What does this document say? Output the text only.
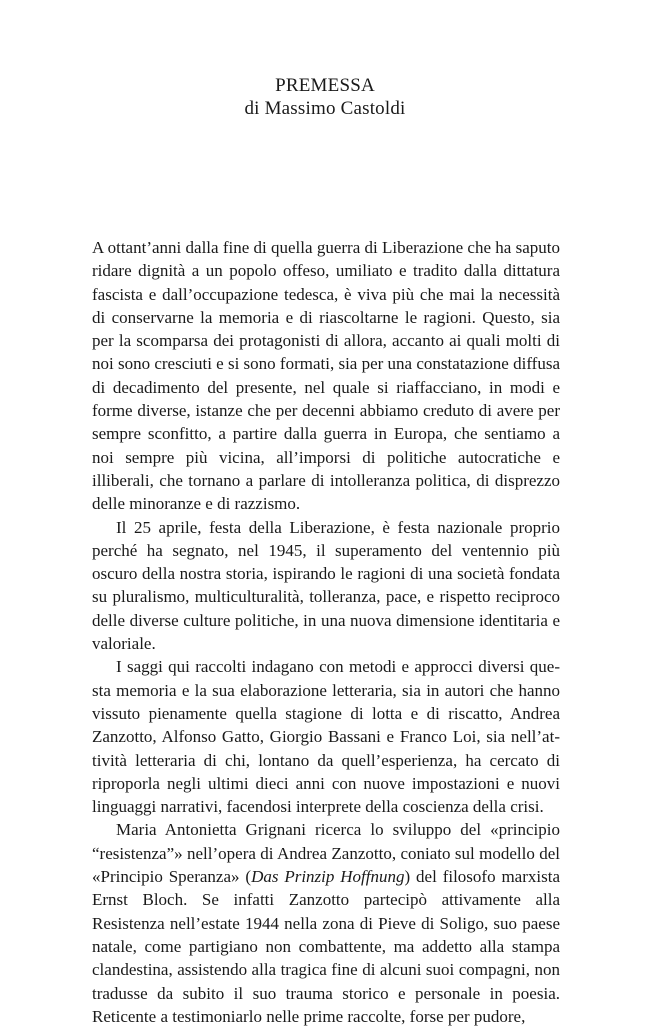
PREMESSA
di Massimo Castoldi

A ottant’anni dalla fine di quella guerra di Liberazione che ha saputo ridare dignità a un popolo offeso, umiliato e tradito dalla dittatura fascista e dall’occupazione tedesca, è viva più che mai la necessità di conservarne la memoria e di riascoltarne le ragioni. Questo, sia per la scomparsa dei protagonisti di allora, accanto ai quali molti di noi sono cresciuti e si sono formati, sia per una constatazione diffusa di decadimento del presente, nel quale si riaffacciano, in modi e forme diverse, istanze che per decenni abbiamo creduto di avere per sempre sconfitto, a partire dalla guerra in Europa, che sentiamo a noi sempre più vicina, all’imporsi di politiche autocratiche e illiberali, che tornano a parlare di intolleranza politica, di disprezzo delle minoranze e di razzismo.

Il 25 aprile, festa della Liberazione, è festa nazionale proprio perché ha segnato, nel 1945, il superamento del ventennio più oscuro della nostra storia, ispirando le ragioni di una società fondata su pluralismo, multiculturalità, tolleranza, pace, e rispetto reciproco delle diverse culture politiche, in una nuova dimensione identitaria e valoriale.

I saggi qui raccolti indagano con metodi e approcci diversi questa memoria e la sua elaborazione letteraria, sia in autori che hanno vissuto pienamente quella stagione di lotta e di riscatto, Andrea Zanzotto, Alfonso Gatto, Giorgio Bassani e Franco Loi, sia nell’attività letteraria di chi, lontano da quell’esperienza, ha cercato di riproporla negli ultimi dieci anni con nuove impostazioni e nuovi linguaggi narrativi, facendosi interprete della coscienza della crisi.

Maria Antonietta Grignani ricerca lo sviluppo del «principio “resistenza”» nell’opera di Andrea Zanzotto, coniato sul modello del «Principio Speranza» (Das Prinzip Hoffnung) del filosofo marxista Ernst Bloch. Se infatti Zanzotto partecipò attivamente alla Resistenza nell’estate 1944 nella zona di Pieve di Soligo, suo paese natale, come partigiano non combattente, ma addetto alla stampa clandestina, assistendo alla tragica fine di alcuni suoi compagni, non tradusse da subito il suo trauma storico e personale in poesia. Reticente a testimoniarlo nelle prime raccolte, forse per pudore,
